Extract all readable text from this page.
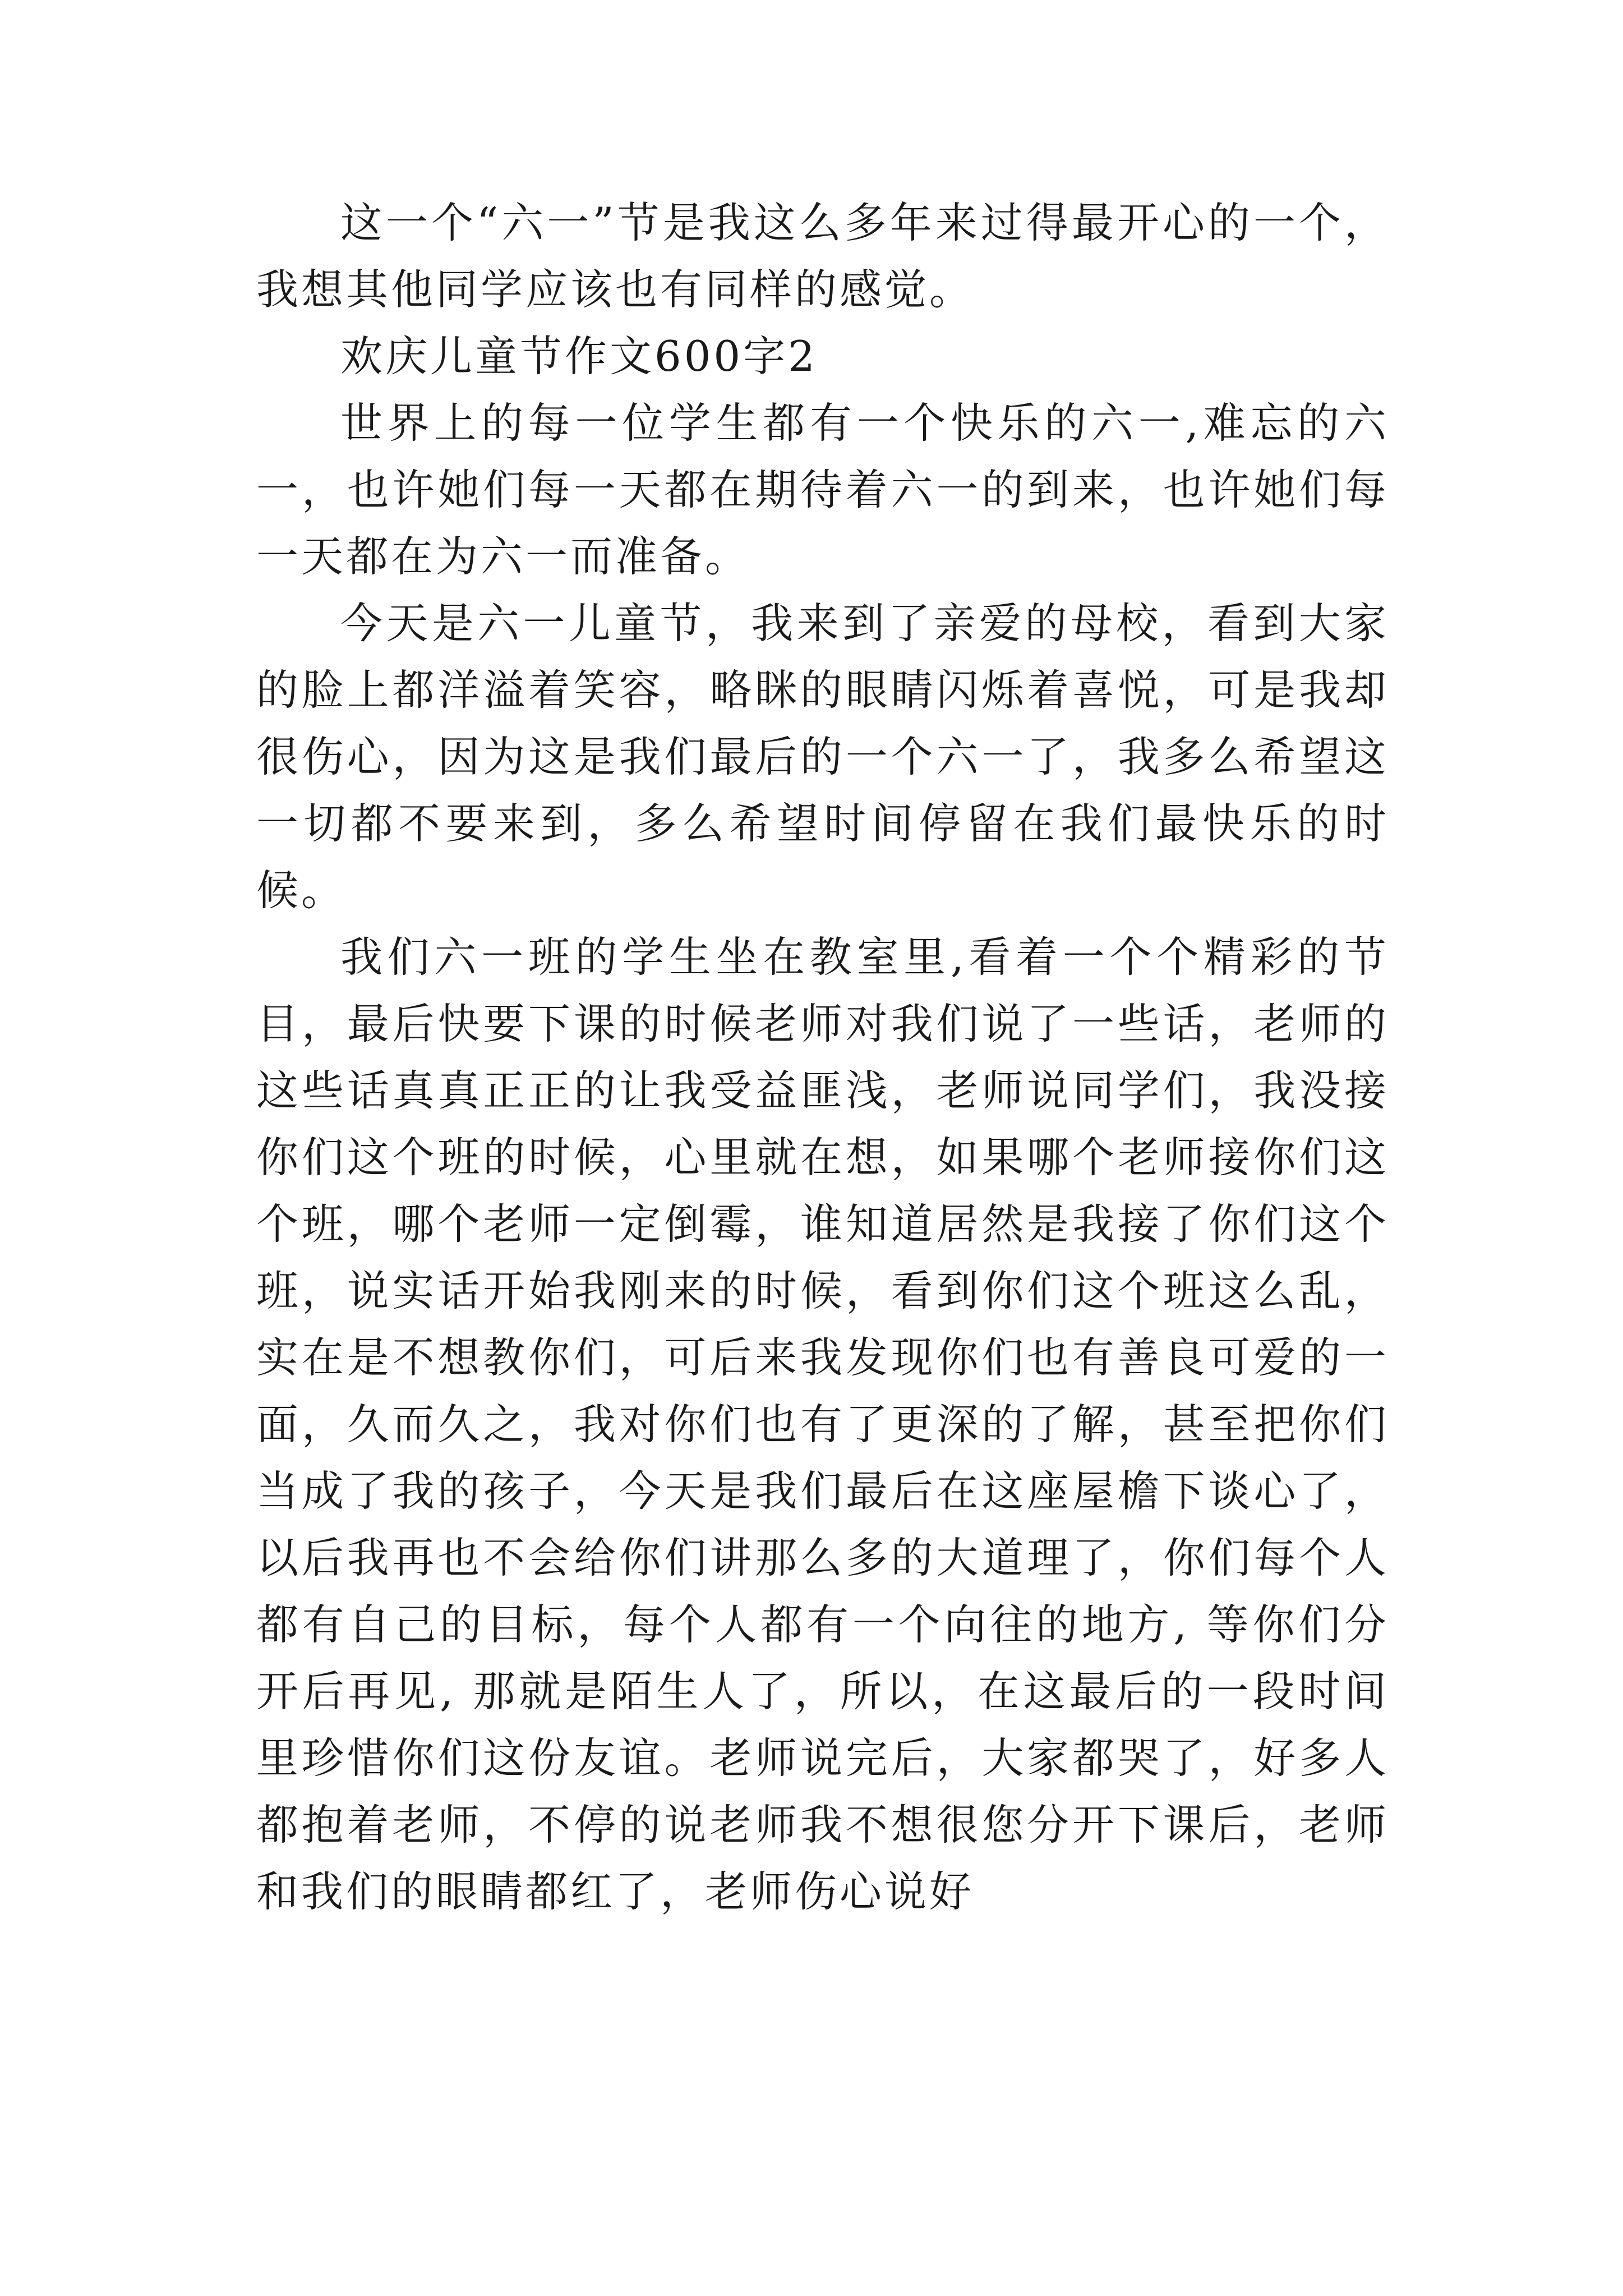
这一个“六一”节是我这么多年来过得最开心的一个，我想其他同学应该也有同样的感觉。

欢庆儿童节作文600字2

世界上的每一位学生都有一个快乐的六一,难忘的六一，也许她们每一天都在期待着六一的到来，也许她们每一天都在为六一而准备。

今天是六一儿童节，我来到了亲爱的母校，看到大家的脸上都洋溢着笑容，略眯的眼睛闪烁着喜悦，可是我却很伤心，因为这是我们最后的一个六一了，我多么希望这一切都不要来到，多么希望时间停留在我们最快乐的时候。

我们六一班的学生坐在教室里,看着一个个精彩的节目，最后快要下课的时候老师对我们说了一些话，老师的这些话真真正正的让我受益匪浅，老师说同学们，我没接你们这个班的时候，心里就在想，如果哪个老师接你们这个班，哪个老师一定倒霉，谁知道居然是我接了你们这个班，说实话开始我刚来的时候，看到你们这个班这么乱，实在是不想教你们，可后来我发现你们也有善良可爱的一面，久而久之，我对你们也有了更深的了解，甚至把你们当成了我的孩子，今天是我们最后在这座屋檐下谈心了，以后我再也不会给你们讲那么多的大道理了，你们每个人都有自己的目标，每个人都有一个向往的地方, 等你们分开后再见, 那就是陌生人了，所以，在这最后的一段时间里珍惜你们这份友谊。老师说完后，大家都哭了，好多人都抱着老师，不停的说老师我不想很您分开下课后，老师和我们的眼睛都红了，老师伤心说好
